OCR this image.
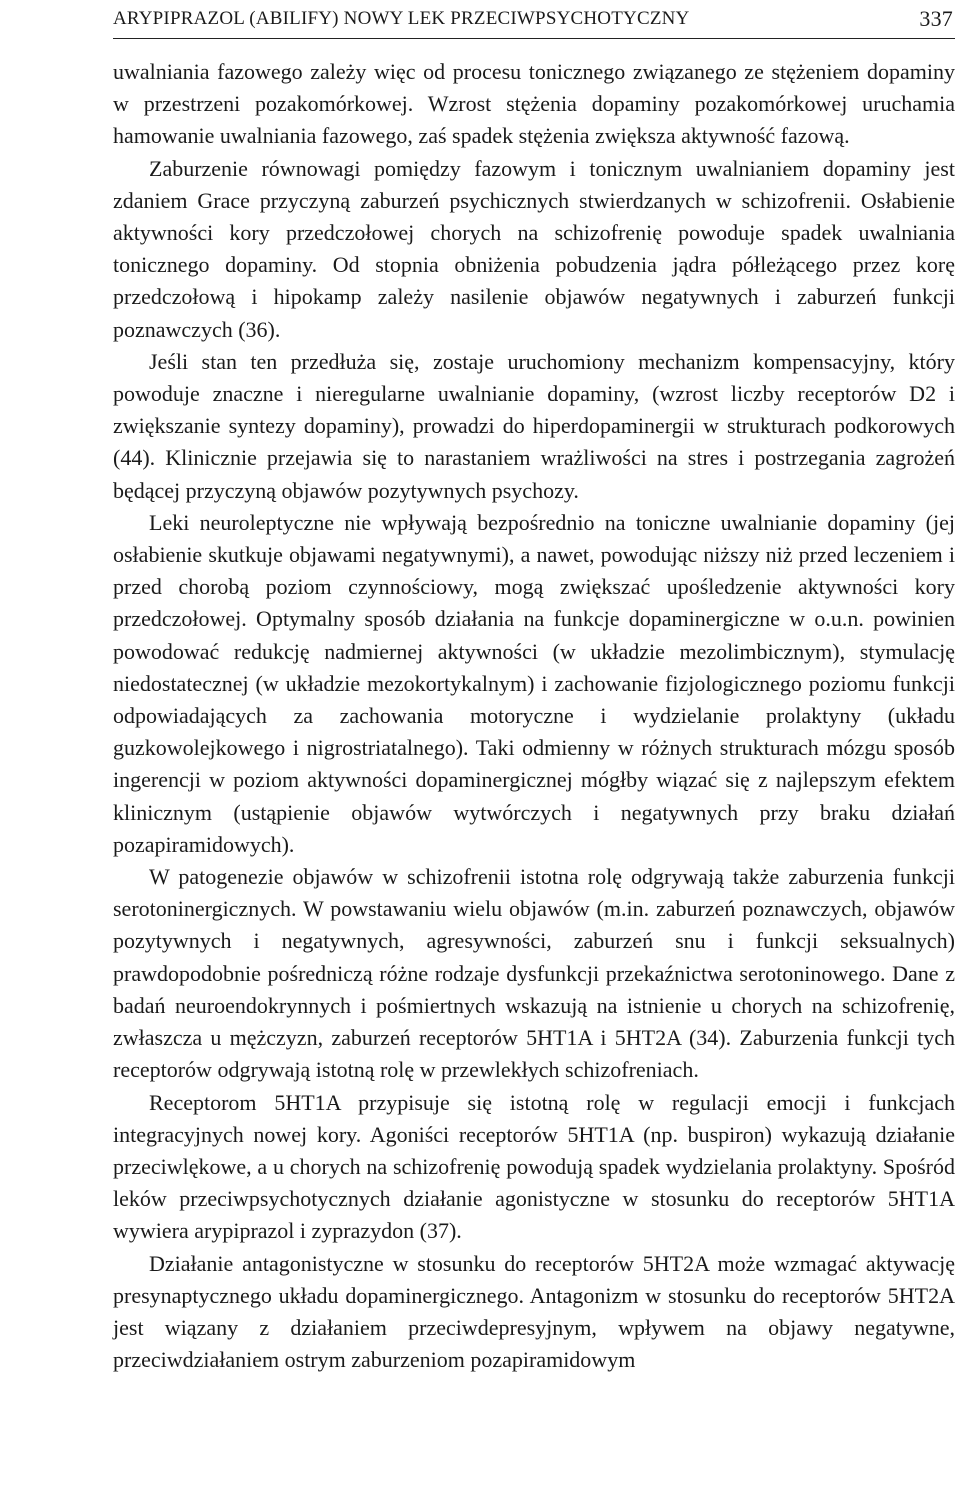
ARYPIPRAZOL (ABILIFY) NOWY LEK PRZECIWPSYCHOTYCZNY	337

uwalniania fazowego zależy więc od procesu tonicznego związanego ze stężeniem dopaminy w przestrzeni pozakomórkowej. Wzrost stężenia dopaminy pozakomórkowej uruchamia hamowanie uwalniania fazowego, zaś spadek stężenia zwiększa aktywność fazową.

Zaburzenie równowagi pomiędzy fazowym i tonicznym uwalnianiem dopaminy jest zdaniem Grace przyczyną zaburzeń psychicznych stwierdzanych w schizofrenii. Osłabienie aktywności kory przedczołowej chorych na schizofrenię powoduje spadek uwalniania tonicznego dopaminy. Od stopnia obniżenia pobudzenia jądra półleżącego przez korę przedczołową i hipokamp zależy nasilenie objawów negatywnych i zaburzeń funkcji poznawczych (36).

Jeśli stan ten przedłuża się, zostaje uruchomiony mechanizm kompensacyjny, który powoduje znaczne i nieregularne uwalnianie dopaminy, (wzrost liczby receptorów D2 i zwiększanie syntezy dopaminy), prowadzi do hiperdopaminergii w strukturach podkorowych (44). Klinicznie przejawia się to narastaniem wrażliwości na stres i postrzegania zagrożeń będącej przyczyną objawów pozytywnych psychozy.

Leki neuroleptyczne nie wpływają bezpośrednio na toniczne uwalnianie dopaminy (jej osłabienie skutkuje objawami negatywnymi), a nawet, powodując niższy niż przed leczeniem i przed chorobą poziom czynnościowy, mogą zwiększać upośledzenie aktywności kory przedczołowej. Optymalny sposób działania na funkcje dopaminergiczne w o.u.n. powinien powodować redukcję nadmiernej aktywności (w układzie mezolimbicznym), stymulację niedostatecznej (w układzie mezokortykalnym) i zachowanie fizjologicznego poziomu funkcji odpowiadających za zachowania motoryczne i wydzielanie prolaktyny (układu guzkowolejkowego i nigrostriatalnego). Taki odmienny w różnych strukturach mózgu sposób ingerencji w poziom aktywności dopaminergicznej mógłby wiązać się z najlepszym efektem klinicznym (ustąpienie objawów wytwórczych i negatywnych przy braku działań pozapiramidowych).

W patogenezie objawów w schizofrenii istotna rolę odgrywają także zaburzenia funkcji serotoninergicznych. W powstawaniu wielu objawów (m.in. zaburzeń poznawczych, objawów pozytywnych i negatywnych, agresywności, zaburzeń snu i funkcji seksualnych) prawdopodobnie pośredniczą różne rodzaje dysfunkcji przekaźnictwa serotoninowego. Dane z badań neuroendokrynnych i pośmiertnych wskazują na istnienie u chorych na schizofrenię, zwłaszcza u mężczyzn, zaburzeń receptorów 5HT1A i 5HT2A (34). Zaburzenia funkcji tych receptorów odgrywają istotną rolę w przewlekłych schizofreniach.

Receptorom 5HT1A przypisuje się istotną rolę w regulacji emocji i funkcjach integracyjnych nowej kory. Agoniści receptorów 5HT1A (np. buspiron) wykazują działanie przeciwlękowe, a u chorych na schizofrenię powodują spadek wydzielania prolaktyny. Spośród leków przeciwpsychotycznych działanie agonistyczne w stosunku do receptorów 5HT1A wywiera arypiprazol i zyprazydon (37).

Działanie antagonistyczne w stosunku do receptorów 5HT2A może wzmagać aktywację presynaptycznego układu dopaminergicznego. Antagonizm w stosunku do receptorów 5HT2A jest wiązany z działaniem przeciwdepresyjnym, wpływem na objawy negatywne, przeciwdziałaniem ostrym zaburzeniom pozapiramidowym
